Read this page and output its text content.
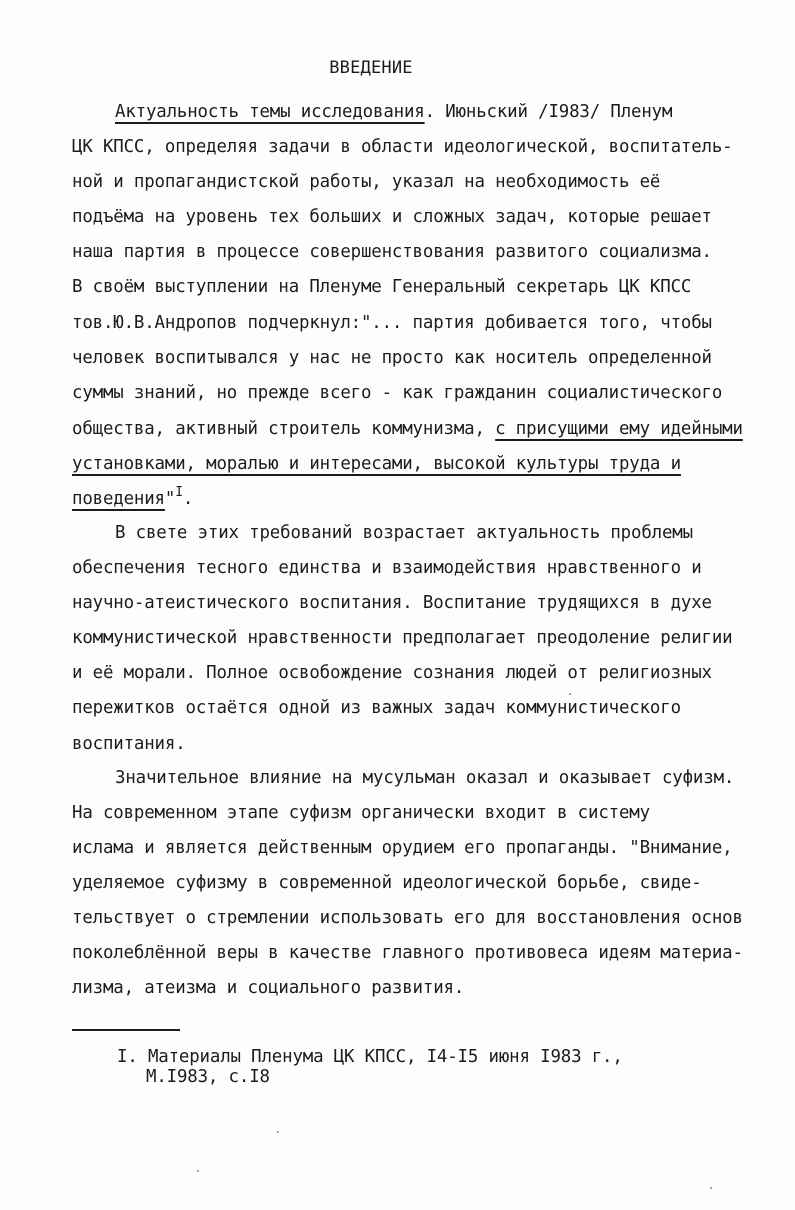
ВВЕДЕНИЕ
Актуальность темы исследования. Июньский /I983/ Пленум
ЦК КПСС, определяя задачи в области идеологической, воспитатель-
ной и пропагандистской работы, указал на необходимость её
подъёма на уровень тех больших и сложных задач, которые решает
наша партия в процессе совершенствования развитого социализма.
В своём выступлении на Пленуме Генеральный секретарь ЦК КПСС
тов.Ю.В.Андропов подчеркнул:"... партия добивается того, чтобы
человек воспитывался у нас не просто как носитель определенной
суммы знаний, но прежде всего - как гражданин социалистического
общества, активный строитель коммунизма, с присущими ему идейными
установками, моралью и интересами, высокой культуры труда и
поведения"$^I$.
В свете этих требований возрастает актуальность проблемы
обеспечения тесного единства и взаимодействия нравственного и
научно-атеистического воспитания. Воспитание трудящихся в духе
коммунистической нравственности предполагает преодоление религии
и её морали. Полное освобождение сознания людей от религиозных
пережитков остаётся одной из важных задач коммунистического
воспитания.
Значительное влияние на мусульман оказал и оказывает суфизм.
На современном этапе суфизм органически входит в систему
ислама и является действенным орудием его пропаганды. "Внимание,
уделяемое суфизму в современной идеологической борьбе, свиде-
тельствует о стремлении использовать его для восстановления основ
поколеблённой веры в качестве главного противовеса идеям материа-
лизма, атеизма и социального развития.
I. Материалы Пленума ЦК КПСС, I4-I5 июня I983 г.,
М.I983, с.I8
